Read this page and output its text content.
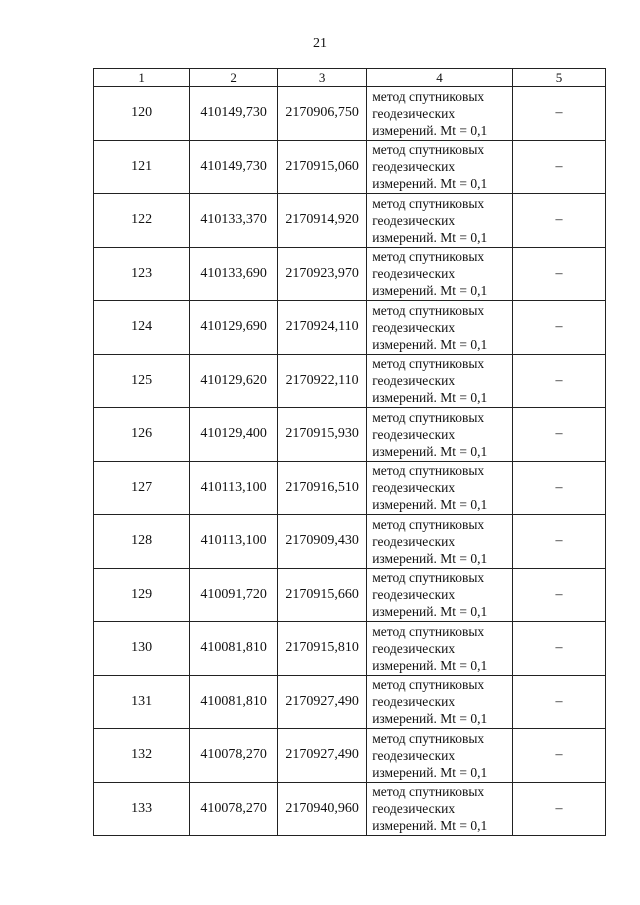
21
1	2	3	4	5
120	410149,730	2170906,750	метод спутниковых
геодезических
измерений. Mt = 0,1	–
121	410149,730	2170915,060	метод спутниковых
геодезических
измерений. Mt = 0,1	–
122	410133,370	2170914,920	метод спутниковых
геодезических
измерений. Mt = 0,1	–
123	410133,690	2170923,970	метод спутниковых
геодезических
измерений. Mt = 0,1	–
124	410129,690	2170924,110	метод спутниковых
геодезических
измерений. Mt = 0,1	–
125	410129,620	2170922,110	метод спутниковых
геодезических
измерений. Mt = 0,1	–
126	410129,400	2170915,930	метод спутниковых
геодезических
измерений. Mt = 0,1	–
127	410113,100	2170916,510	метод спутниковых
геодезических
измерений. Mt = 0,1	–
128	410113,100	2170909,430	метод спутниковых
геодезических
измерений. Mt = 0,1	–
129	410091,720	2170915,660	метод спутниковых
геодезических
измерений. Mt = 0,1	–
130	410081,810	2170915,810	метод спутниковых
геодезических
измерений. Mt = 0,1	–
131	410081,810	2170927,490	метод спутниковых
геодезических
измерений. Mt = 0,1	–
132	410078,270	2170927,490	метод спутниковых
геодезических
измерений. Mt = 0,1	–
133	410078,270	2170940,960	метод спутниковых
геодезических
измерений. Mt = 0,1	–
